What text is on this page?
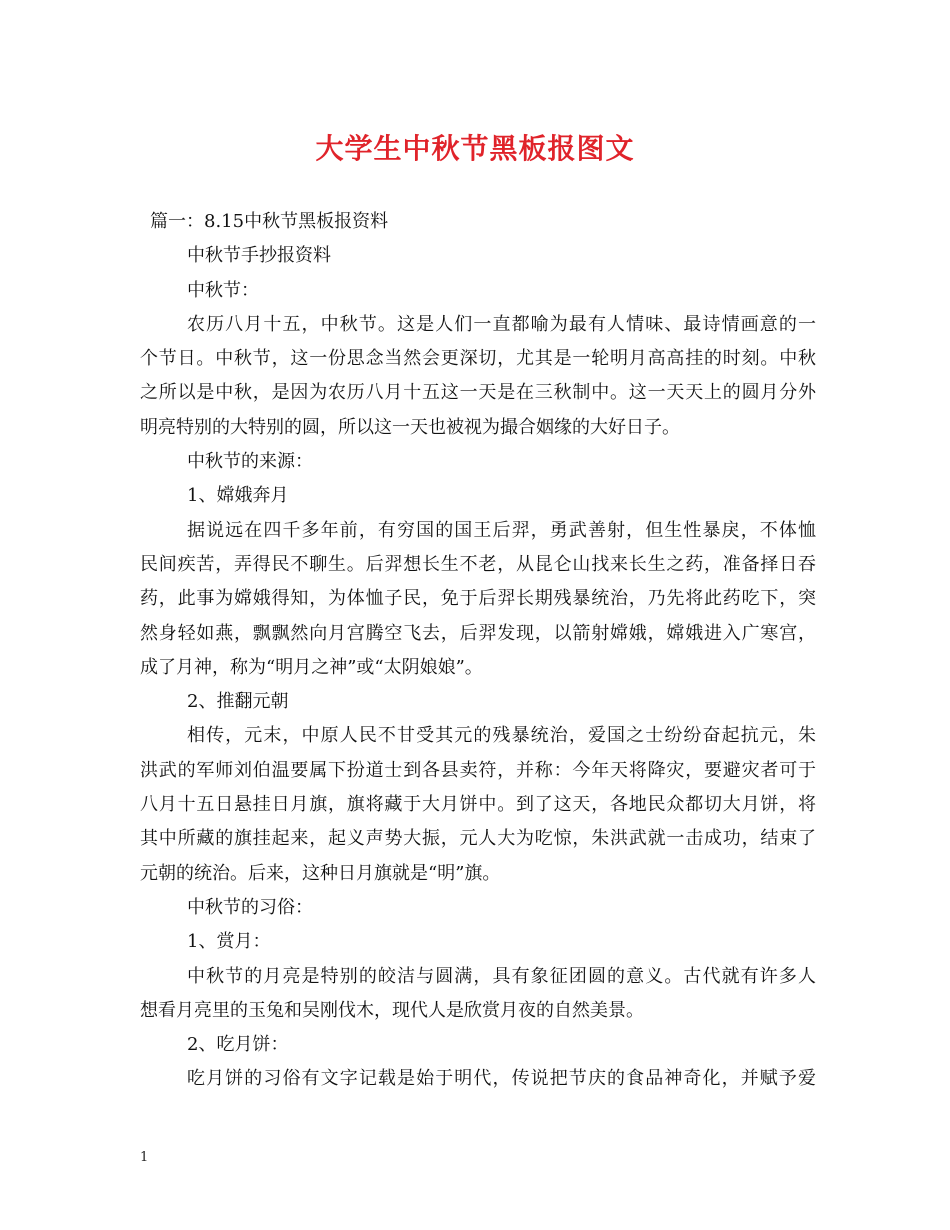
大学生中秋节黑板报图文
篇一：8.15中秋节黑板报资料
中秋节手抄报资料
中秋节：
农历八月十五，中秋节。这是人们一直都喻为最有人情味、最诗情画意的一
个节日。中秋节，这一份思念当然会更深切，尤其是一轮明月高高挂的时刻。中秋
之所以是中秋，是因为农历八月十五这一天是在三秋制中。这一天天上的圆月分外
明亮特别的大特别的圆，所以这一天也被视为撮合姻缘的大好日子。
中秋节的来源：
1、嫦娥奔月
据说远在四千多年前，有穷国的国王后羿，勇武善射，但生性暴戾，不体恤
民间疾苦，弄得民不聊生。后羿想长生不老，从昆仑山找来长生之药，准备择日吞
药，此事为嫦娥得知，为体恤子民，免于后羿长期残暴统治，乃先将此药吃下，突
然身轻如燕，飘飘然向月宫腾空飞去，后羿发现，以箭射嫦娥，嫦娥进入广寒宫，
成了月神，称为“明月之神”或“太阴娘娘”。
2、推翻元朝
相传，元末，中原人民不甘受其元的残暴统治，爱国之士纷纷奋起抗元，朱
洪武的军师刘伯温要属下扮道士到各县卖符，并称：今年天将降灾，要避灾者可于
八月十五日悬挂日月旗，旗将藏于大月饼中。到了这天，各地民众都切大月饼，将
其中所藏的旗挂起来，起义声势大振，元人大为吃惊，朱洪武就一击成功，结束了
元朝的统治。后来，这种日月旗就是“明”旗。
中秋节的习俗：
1、赏月：
中秋节的月亮是特别的皎洁与圆满，具有象征团圆的意义。古代就有许多人
想看月亮里的玉兔和吴刚伐木，现代人是欣赏月夜的自然美景。
2、吃月饼：
吃月饼的习俗有文字记载是始于明代，传说把节庆的食品神奇化，并赋予爱
1
